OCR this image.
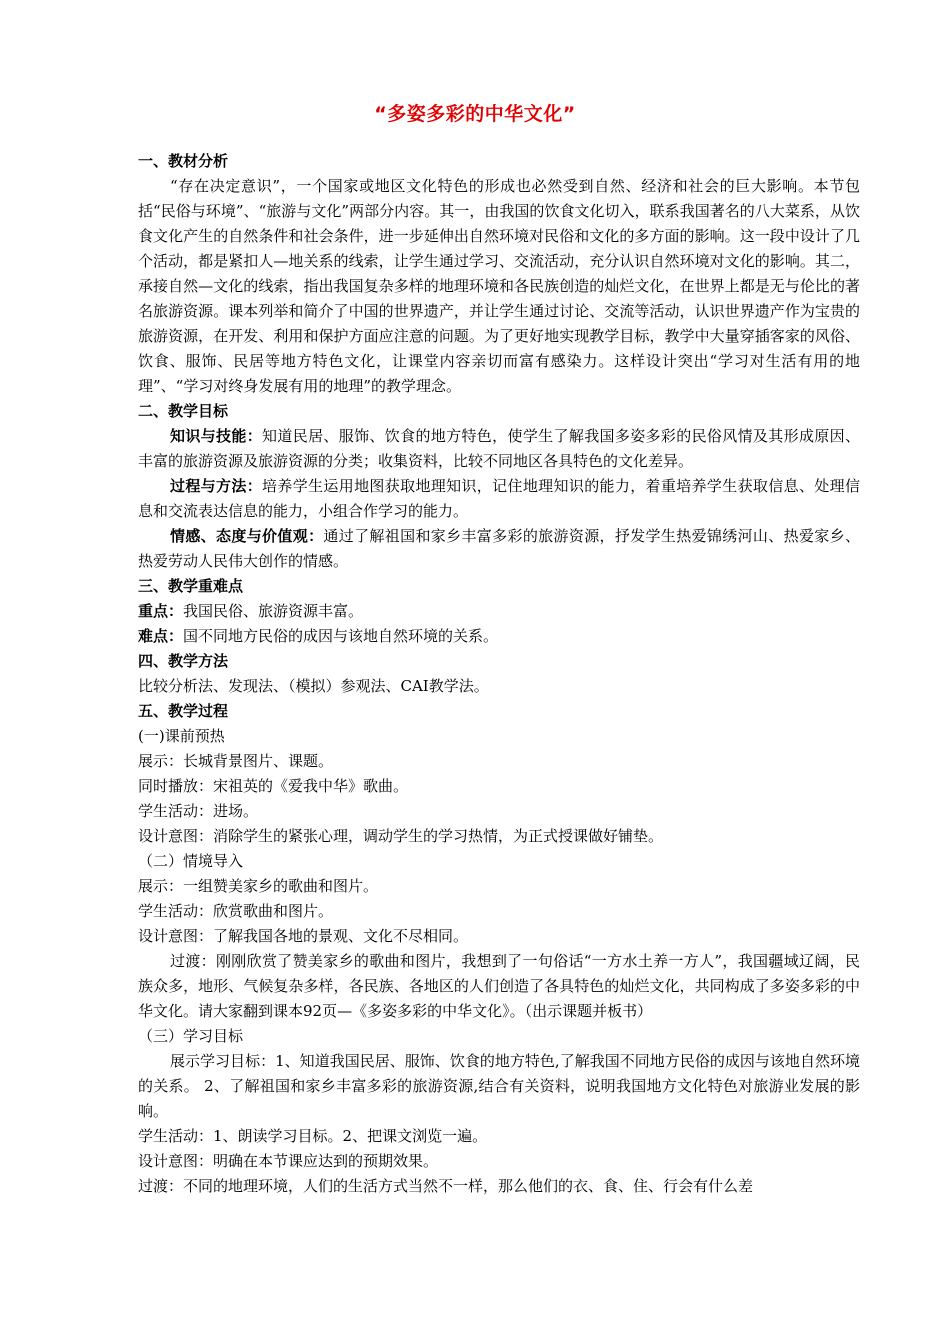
“多姿多彩的中华文化”

一、教材分析

“存在决定意识”，一个国家或地区文化特色的形成也必然受到自然、经济和社会的巨大影响。本节包括“民俗与环境”、“旅游与文化”两部分内容。其一，由我国的饮食文化切入，联系我国著名的八大菜系，从饮食文化产生的自然条件和社会条件，进一步延伸出自然环境对民俗和文化的多方面的影响。这一段中设计了几个活动，都是紧扣人—地关系的线索，让学生通过学习、交流活动，充分认识自然环境对文化的影响。其二，承接自然—文化的线索，指出我国复杂多样的地理环境和各民族创造的灿烂文化，在世界上都是无与伦比的著名旅游资源。课本列举和简介了中国的世界遗产，并让学生通过讨论、交流等活动，认识世界遗产作为宝贵的旅游资源，在开发、利用和保护方面应注意的问题。为了更好地实现教学目标，教学中大量穿插客家的风俗、饮食、服饰、民居等地方特色文化，让课堂内容亲切而富有感染力。这样设计突出“学习对生活有用的地理”、“学习对终身发展有用的地理”的教学理念。

二、教学目标

知识与技能：知道民居、服饰、饮食的地方特色，使学生了解我国多姿多彩的民俗风情及其形成原因、丰富的旅游资源及旅游资源的分类；收集资料，比较不同地区各具特色的文化差异。

过程与方法：培养学生运用地图获取地理知识，记住地理知识的能力，着重培养学生获取信息、处理信息和交流表达信息的能力，小组合作学习的能力。

情感、态度与价值观：通过了解祖国和家乡丰富多彩的旅游资源，抒发学生热爱锦绣河山、热爱家乡、热爱劳动人民伟大创作的情感。

三、教学重难点

重点：我国民俗、旅游资源丰富。

难点：国不同地方民俗的成因与该地自然环境的关系。

四、教学方法

比较分析法、发现法、（模拟）参观法、CAI教学法。

五、教学过程

(一)课前预热

展示：长城背景图片、课题。

同时播放：宋祖英的《爱我中华》歌曲。

学生活动：进场。

设计意图：消除学生的紧张心理，调动学生的学习热情，为正式授课做好铺垫。

（二）情境导入

展示：一组赞美家乡的歌曲和图片。

学生活动：欣赏歌曲和图片。

设计意图：了解我国各地的景观、文化不尽相同。

过渡：刚刚欣赏了赞美家乡的歌曲和图片，我想到了一句俗话“一方水土养一方人”，我国疆域辽阔，民族众多，地形、气候复杂多样，各民族、各地区的人们创造了各具特色的灿烂文化，共同构成了多姿多彩的中华文化。请大家翻到课本92页—《多姿多彩的中华文化》。（出示课题并板书）

（三）学习目标

展示学习目标：1、知道我国民居、服饰、饮食的地方特色,了解我国不同地方民俗的成因与该地自然环境的关系。 2、了解祖国和家乡丰富多彩的旅游资源,结合有关资料，说明我国地方文化特色对旅游业发展的影响。

学生活动：1、朗读学习目标。2、把课文浏览一遍。

设计意图：明确在本节课应达到的预期效果。

过渡：不同的地理环境，人们的生活方式当然不一样，那么他们的衣、食、住、行会有什么差
